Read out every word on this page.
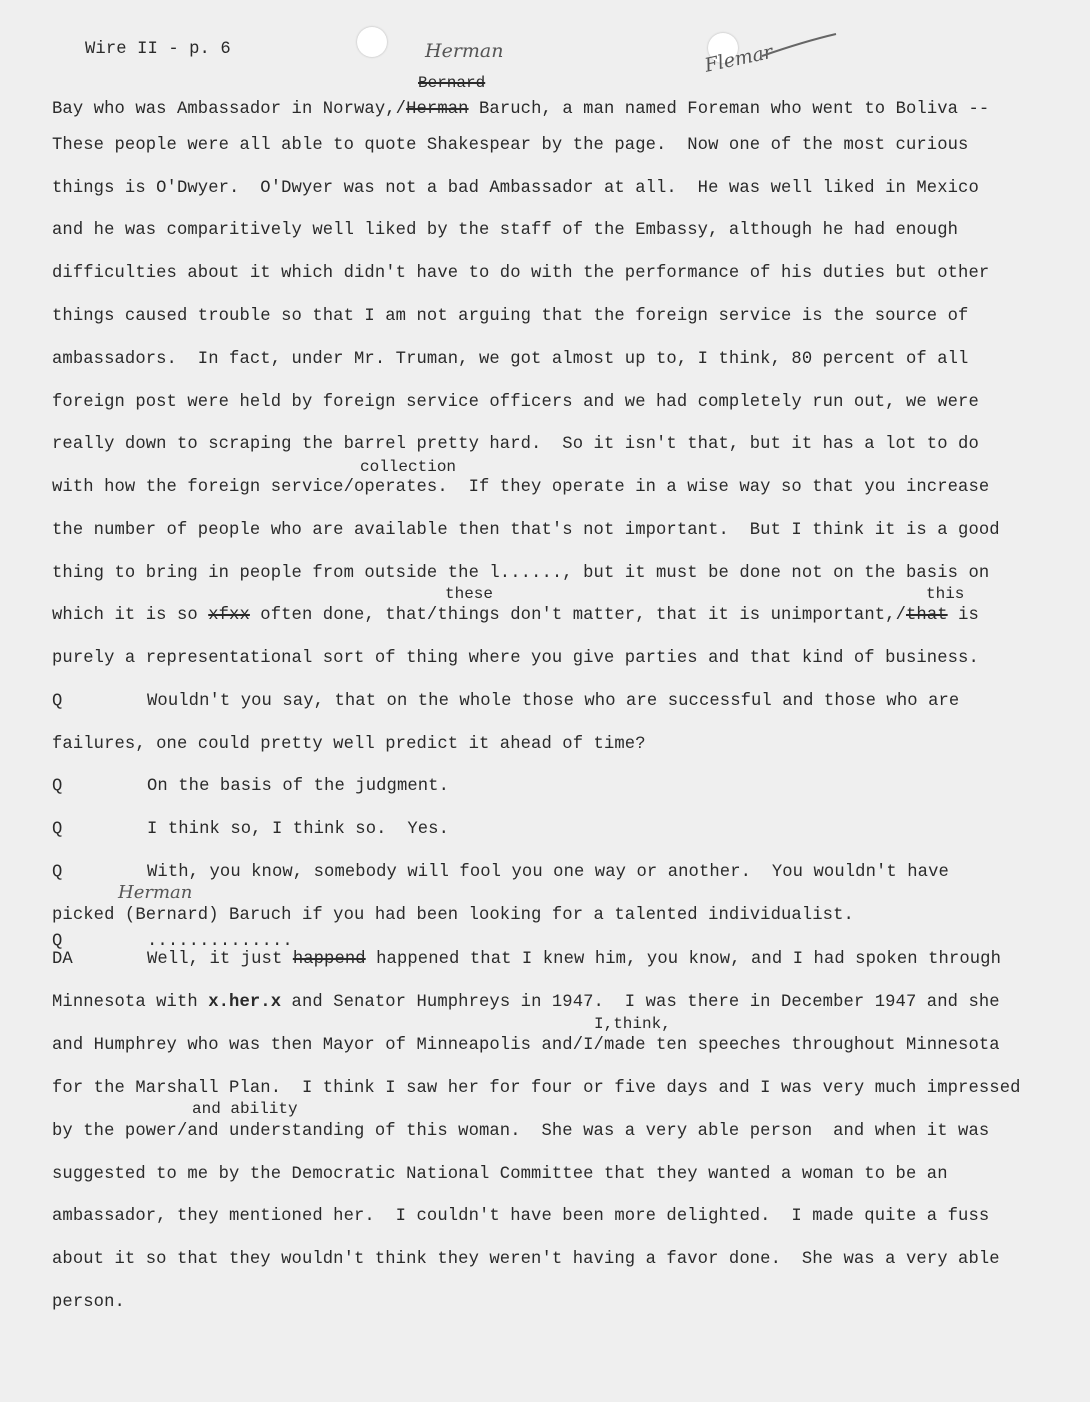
Wire II - p. 6	Herman	Flemar
Bernard
Bay who was Ambassador in Norway,/Herman Baruch, a man named Foreman who went to Boliva --
These people were all able to quote Shakespear by the page.  Now one of the most curious
things is O'Dwyer.  O'Dwyer was not a bad Ambassador at all.  He was well liked in Mexico
and he was comparitively well liked by the staff of the Embassy, although he had enough
difficulties about it which didn't have to do with the performance of his duties but other
things caused trouble so that I am not arguing that the foreign service is the source of
ambassadors.  In fact, under Mr. Truman, we got almost up to, I think, 80 percent of all
foreign post were held by foreign service officers and we had completely run out, we were
really down to scraping the barrel pretty hard.  So it isn't that, but it has a lot to do
collection
with how the foreign service/operates.  If they operate in a wise way so that you increase
the number of people who are available then that's not important.  But I think it is a good
thing to bring in people from outside the l......, but it must be done not on the basis on
these	this
which it is so xfxx often done, that/things don't matter, that it is unimportant,/that is
purely a representational sort of thing where you give parties and that kind of business.
Q	Wouldn't you say, that on the whole those who are successful and those who are
failures, one could pretty well predict it ahead of time?
Q	On the basis of the judgment.
Q	I think so, I think so.  Yes.
Q	With, you know, somebody will fool you one way or another.  You wouldn't have
Herman
picked (Bernard) Baruch if you had been looking for a talented individualist.
Q	..............
DA	Well, it just happend happened that I knew him, you know, and I had spoken through
Minnesota with x.her.x and Senator Humphreys in 1947.  I was there in December 1947 and she
I,think,
and Humphrey who was then Mayor of Minneapolis and/I/made ten speeches throughout Minnesota
for the Marshall Plan.  I think I saw her for four or five days and I was very much impressed
and ability
by the power/and understanding of this woman.  She was a very able person  and when it was
suggested to me by the Democratic National Committee that they wanted a woman to be an
ambassador, they mentioned her.  I couldn't have been more delighted.  I made quite a fuss
about it so that they wouldn't think they weren't having a favor done.  She was a very able
person.
